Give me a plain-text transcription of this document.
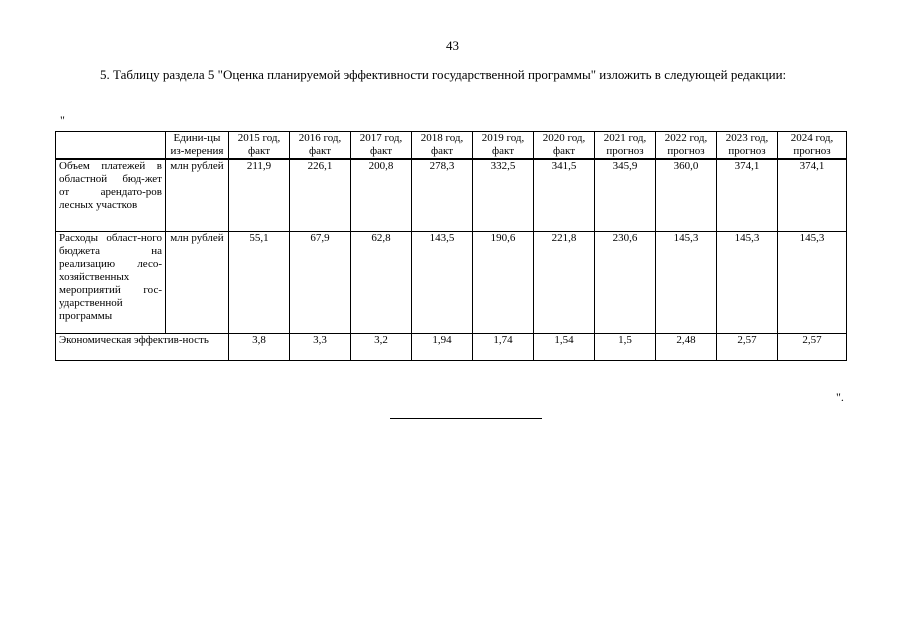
43

5. Таблицу раздела 5 "Оценка планируемой эффективности государственной программы" изложить в следующей редакции:

"
	Едини-цы из-мерения	2015 год, факт	2016 год, факт	2017 год, факт	2018 год, факт	2019 год, факт	2020 год, факт	2021 год, прогноз	2022 год, прогноз	2023 год, прогноз	2024 год, прогноз
Объем платежей в областной бюд-жет от арендато-ров лесных участков	млн рублей	211,9	226,1	200,8	278,3	332,5	341,5	345,9	360,0	374,1	374,1
Расходы област-ного бюджета на реализацию лесо-хозяйственных мероприятий гос-ударственной программы	млн рублей	55,1	67,9	62,8	143,5	190,6	221,8	230,6	145,3	145,3	145,3
Экономическая эффектив-ность		3,8	3,3	3,2	1,94	1,74	1,54	1,5	2,48	2,57	2,57
".
